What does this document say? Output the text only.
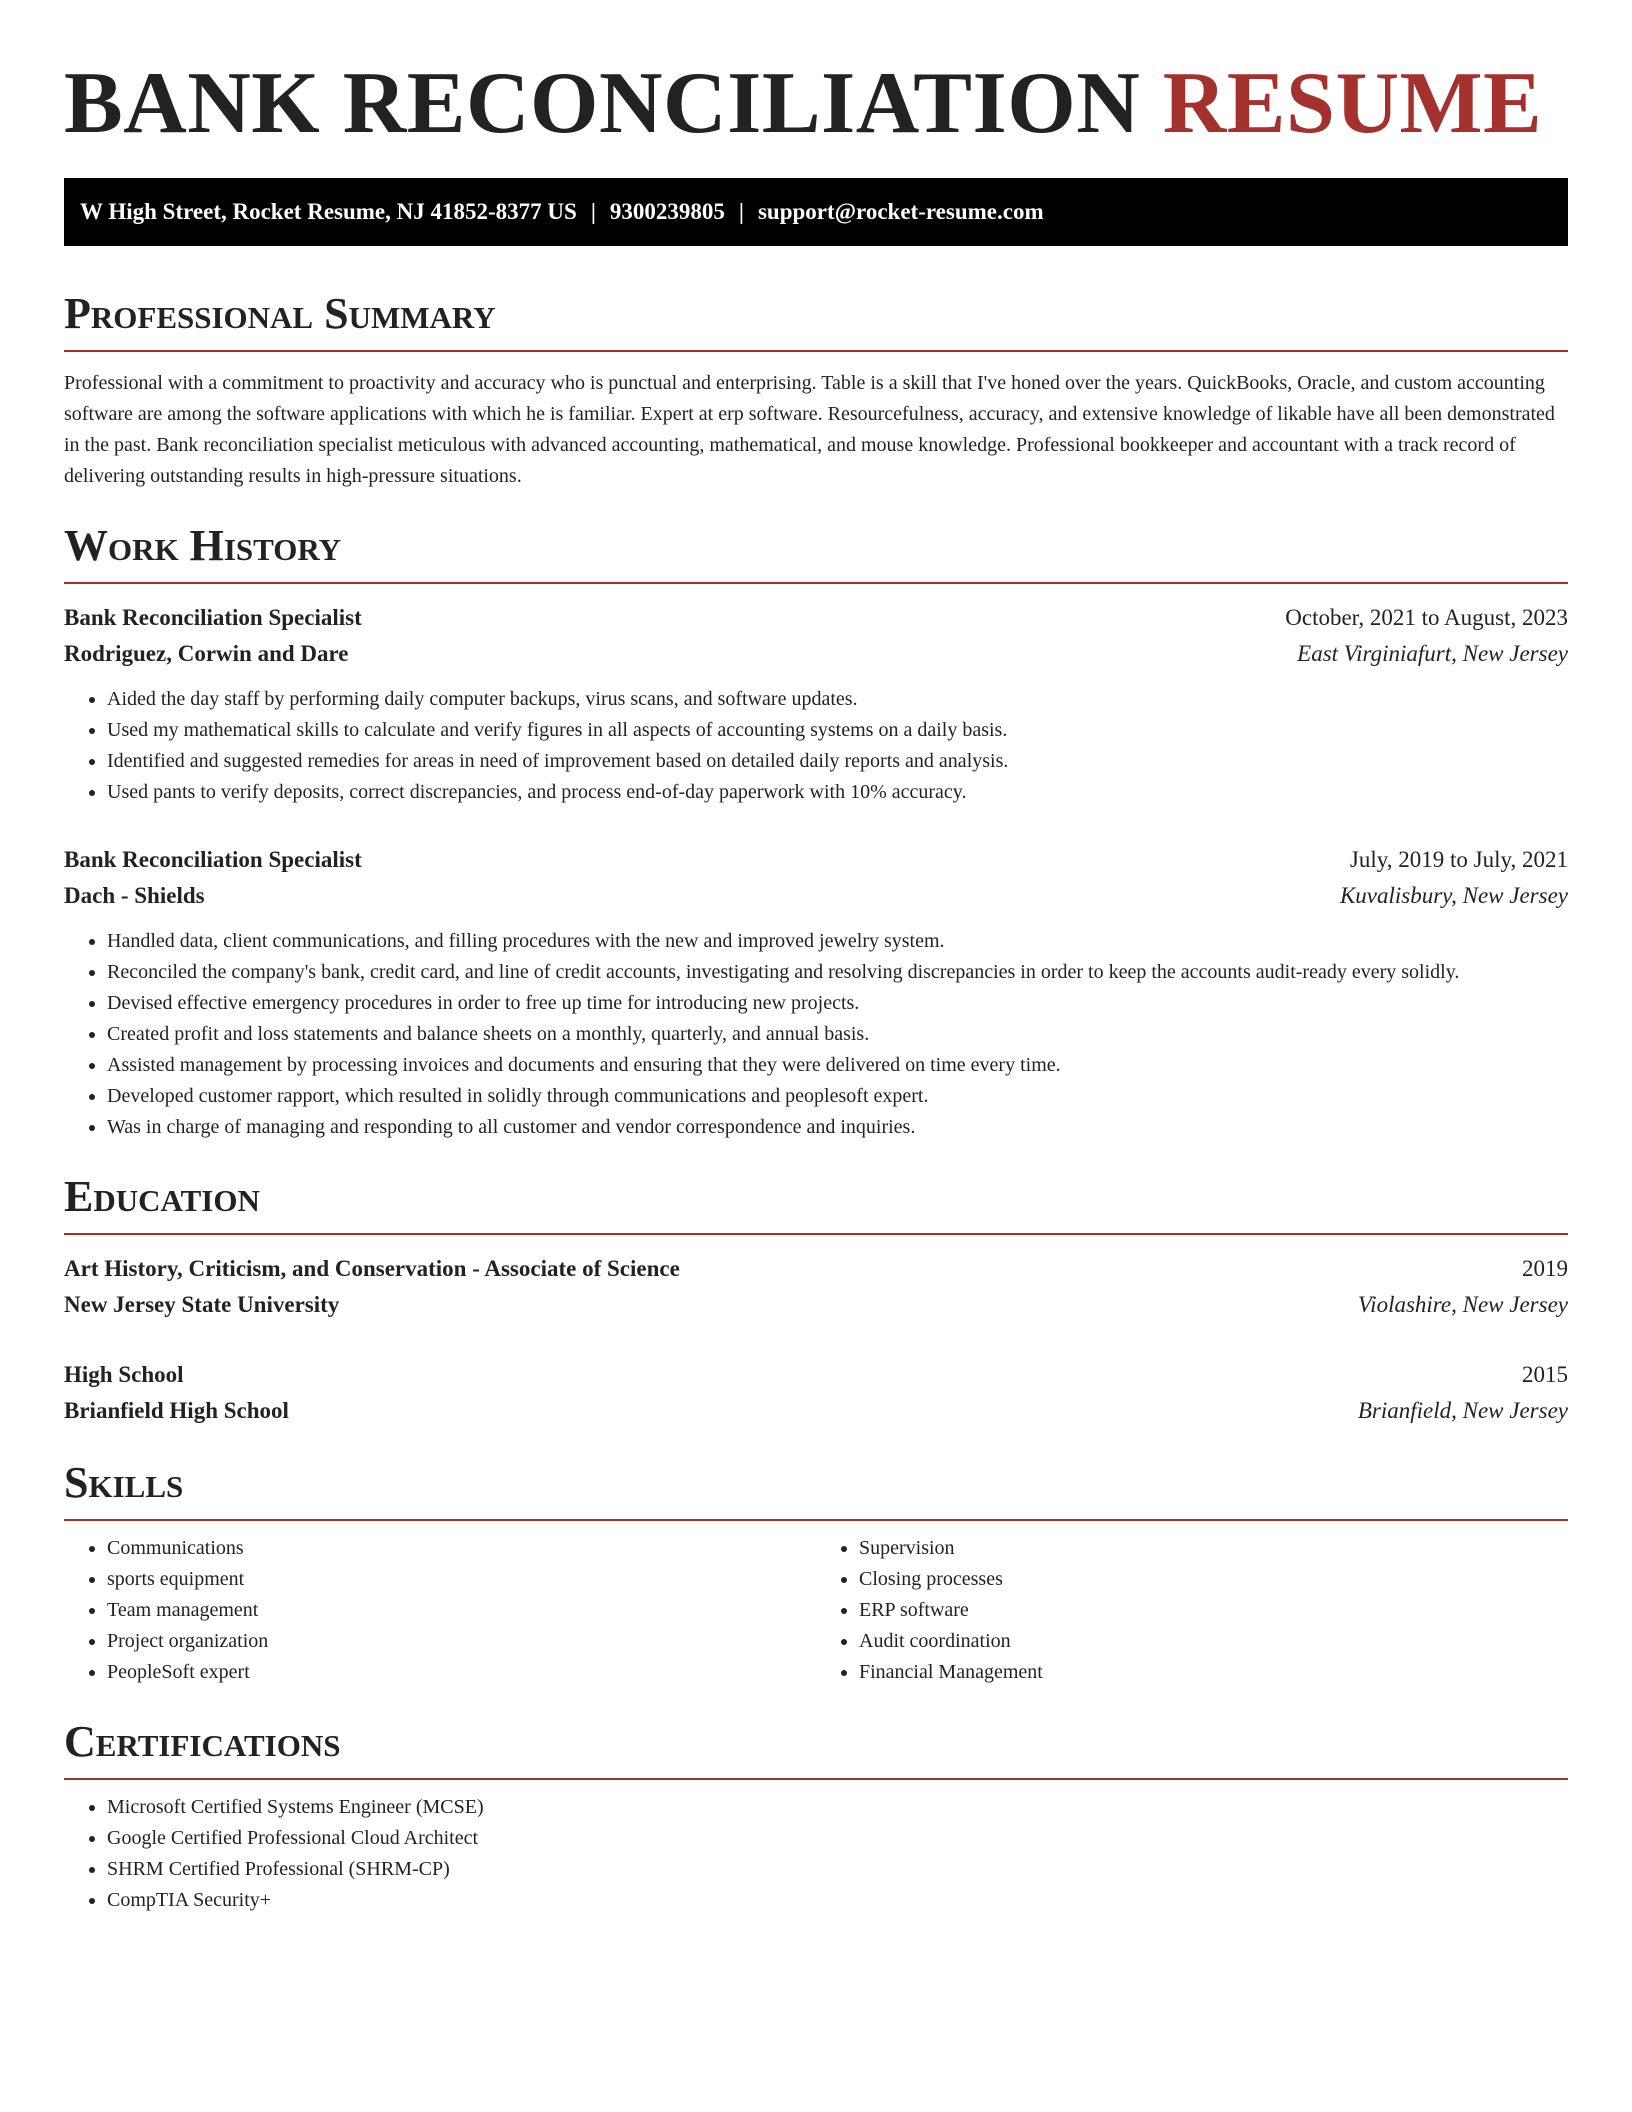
BANK RECONCILIATION RESUME
W High Street, Rocket Resume, NJ 41852-8377 US | 9300239805 | support@rocket-resume.com
Professional Summary

Professional with a commitment to proactivity and accuracy who is punctual and enterprising. Table is a skill that I've honed over the years. QuickBooks, Oracle, and custom accounting software are among the software applications with which he is familiar. Expert at erp software. Resourcefulness, accuracy, and extensive knowledge of likable have all been demonstrated in the past. Bank reconciliation specialist meticulous with advanced accounting, mathematical, and mouse knowledge. Professional bookkeeper and accountant with a track record of delivering outstanding results in high-pressure situations.

Work History
Bank Reconciliation Specialist	October, 2021 to August, 2023
Rodriguez, Corwin and Dare	East Virginiafurt, New Jersey
• Aided the day staff by performing daily computer backups, virus scans, and software updates.
• Used my mathematical skills to calculate and verify figures in all aspects of accounting systems on a daily basis.
• Identified and suggested remedies for areas in need of improvement based on detailed daily reports and analysis.
• Used pants to verify deposits, correct discrepancies, and process end-of-day paperwork with 10% accuracy.
Bank Reconciliation Specialist	July, 2019 to July, 2021
Dach - Shields	Kuvalisbury, New Jersey
• Handled data, client communications, and filling procedures with the new and improved jewelry system.
• Reconciled the company's bank, credit card, and line of credit accounts, investigating and resolving discrepancies in order to keep the accounts audit-ready every solidly.
• Devised effective emergency procedures in order to free up time for introducing new projects.
• Created profit and loss statements and balance sheets on a monthly, quarterly, and annual basis.
• Assisted management by processing invoices and documents and ensuring that they were delivered on time every time.
• Developed customer rapport, which resulted in solidly through communications and peoplesoft expert.
• Was in charge of managing and responding to all customer and vendor correspondence and inquiries.
Education
Art History, Criticism, and Conservation - Associate of Science	2019
New Jersey State University	Violashire, New Jersey
High School	2015
Brianfield High School	Brianfield, New Jersey
Skills
• Communications
• sports equipment
• Team management
• Project organization
• PeopleSoft expert
• Supervision
• Closing processes
• ERP software
• Audit coordination
• Financial Management
Certifications
• Microsoft Certified Systems Engineer (MCSE)
• Google Certified Professional Cloud Architect
• SHRM Certified Professional (SHRM-CP)
• CompTIA Security+
